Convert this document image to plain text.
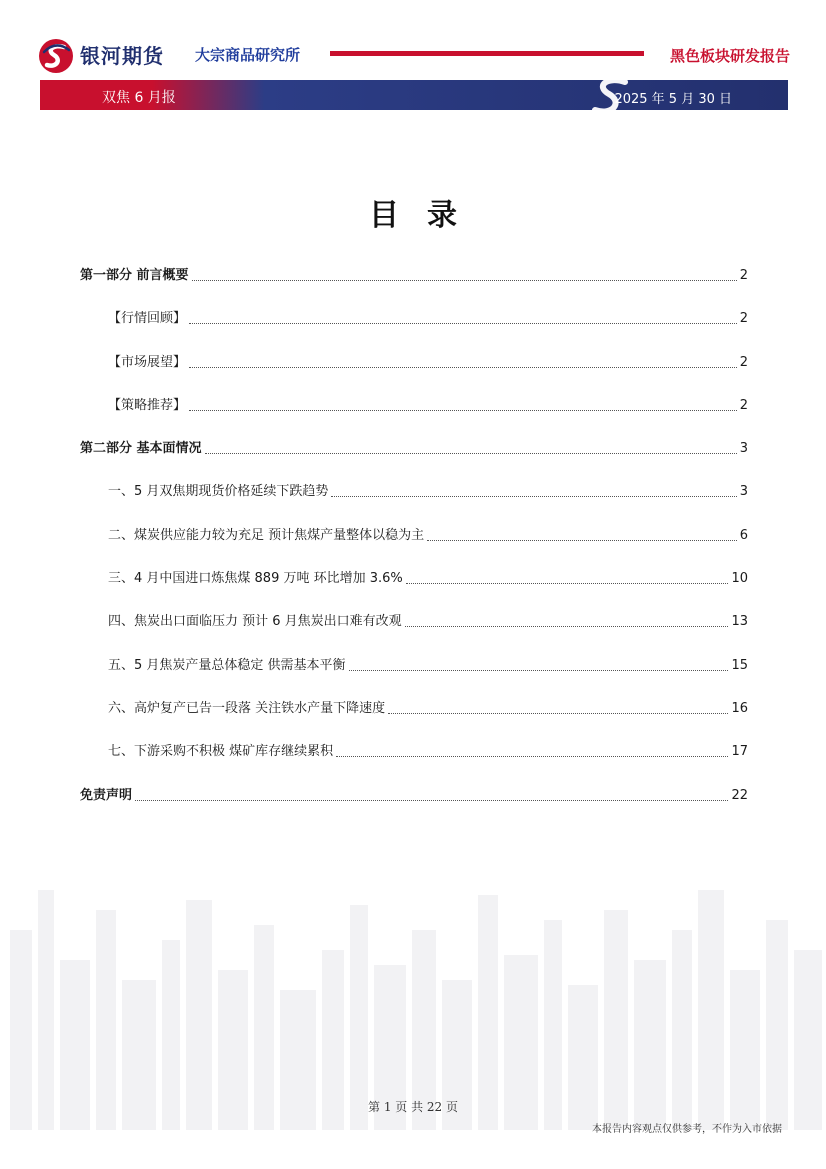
银河期货 大宗商品研究所	黑色板块研发报告
双焦 6 月报	2025 年 5 月 30 日
目录
第一部分 前言概要	2
【行情回顾】	2
【市场展望】	2
【策略推荐】	2
第二部分 基本面情况	3
一、5 月双焦期现货价格延续下跌趋势	3
二、煤炭供应能力较为充足 预计焦煤产量整体以稳为主	6
三、4 月中国进口炼焦煤 889 万吨 环比增加 3.6%	10
四、焦炭出口面临压力 预计 6 月焦炭出口难有改观	13
五、5 月焦炭产量总体稳定 供需基本平衡	15
六、高炉复产已告一段落 关注铁水产量下降速度	16
七、下游采购不积极 煤矿库存继续累积	17
免责声明	22
第 1 页 共 22 页
本报告内容观点仅供参考，不作为入市依据
